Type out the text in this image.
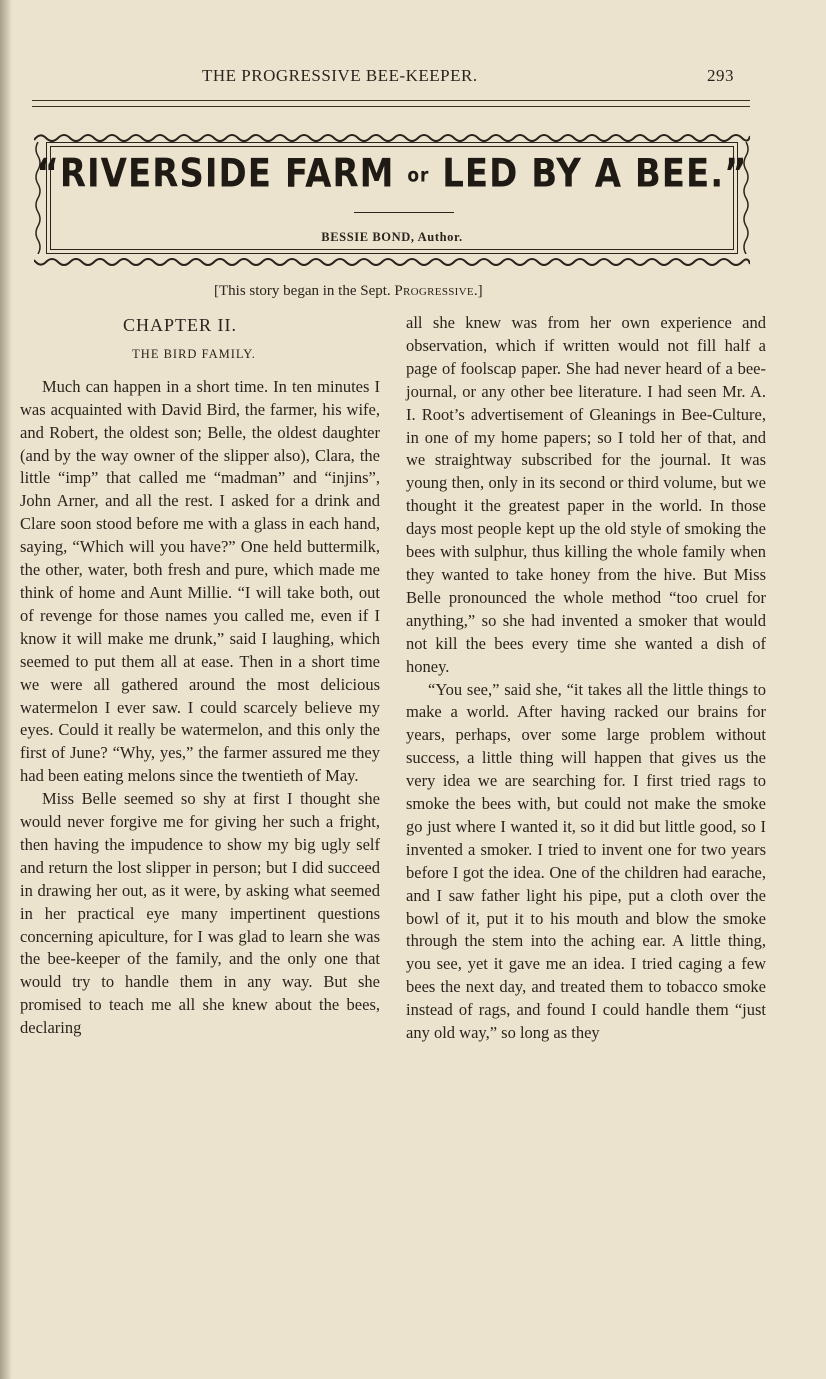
THE PROGRESSIVE BEE-KEEPER.	293
“RIVERSIDE FARM or LED BY A BEE.”
BESSIE BOND, Author.
[This story began in the Sept. Progressive.]
CHAPTER II.
THE BIRD FAMILY.

Much can happen in a short time. In ten minutes I was acquainted with David Bird, the farmer, his wife, and Robert, the oldest son; Belle, the oldest daughter (and by the way owner of the slipper also), Clara, the little “imp” that called me “madman” and “injins”, John Arner, and all the rest. I asked for a drink and Clare soon stood before me with a glass in each hand, saying, “Which will you have?” One held buttermilk, the other, water, both fresh and pure, which made me think of home and Aunt Millie. “I will take both, out of revenge for those names you called me, even if I know it will make me drunk,” said I laughing, which seemed to put them all at ease. Then in a short time we were all gathered around the most delicious watermelon I ever saw. I could scarcely believe my eyes. Could it really be watermelon, and this only the first of June? “Why, yes,” the farmer assured me they had been eating melons since the twentieth of May.

Miss Belle seemed so shy at first I thought she would never forgive me for giving her such a fright, then having the impudence to show my big ugly self and return the lost slipper in person; but I did succeed in drawing her out, as it were, by asking what seemed in her practical eye many impertinent questions concerning apiculture, for I was glad to learn she was the bee-keeper of the family, and the only one that would try to handle them in any way. But she promised to teach me all she knew about the bees, declaring

all she knew was from her own experience and observation, which if written would not fill half a page of foolscap paper. She had never heard of a bee-journal, or any other bee literature. I had seen Mr. A. I. Root’s advertisement of Gleanings in Bee-Culture, in one of my home papers; so I told her of that, and we straightway subscribed for the journal. It was young then, only in its second or third volume, but we thought it the greatest paper in the world. In those days most people kept up the old style of smoking the bees with sulphur, thus killing the whole family when they wanted to take honey from the hive. But Miss Belle pronounced the whole method “too cruel for anything,” so she had invented a smoker that would not kill the bees every time she wanted a dish of honey.

“You see,” said she, “it takes all the little things to make a world. After having racked our brains for years, perhaps, over some large problem without success, a little thing will happen that gives us the very idea we are searching for. I first tried rags to smoke the bees with, but could not make the smoke go just where I wanted it, so it did but little good, so I invented a smoker. I tried to invent one for two years before I got the idea. One of the children had earache, and I saw father light his pipe, put a cloth over the bowl of it, put it to his mouth and blow the smoke through the stem into the aching ear. A little thing, you see, yet it gave me an idea. I tried caging a few bees the next day, and treated them to tobacco smoke instead of rags, and found I could handle them “just any old way,” so long as they
